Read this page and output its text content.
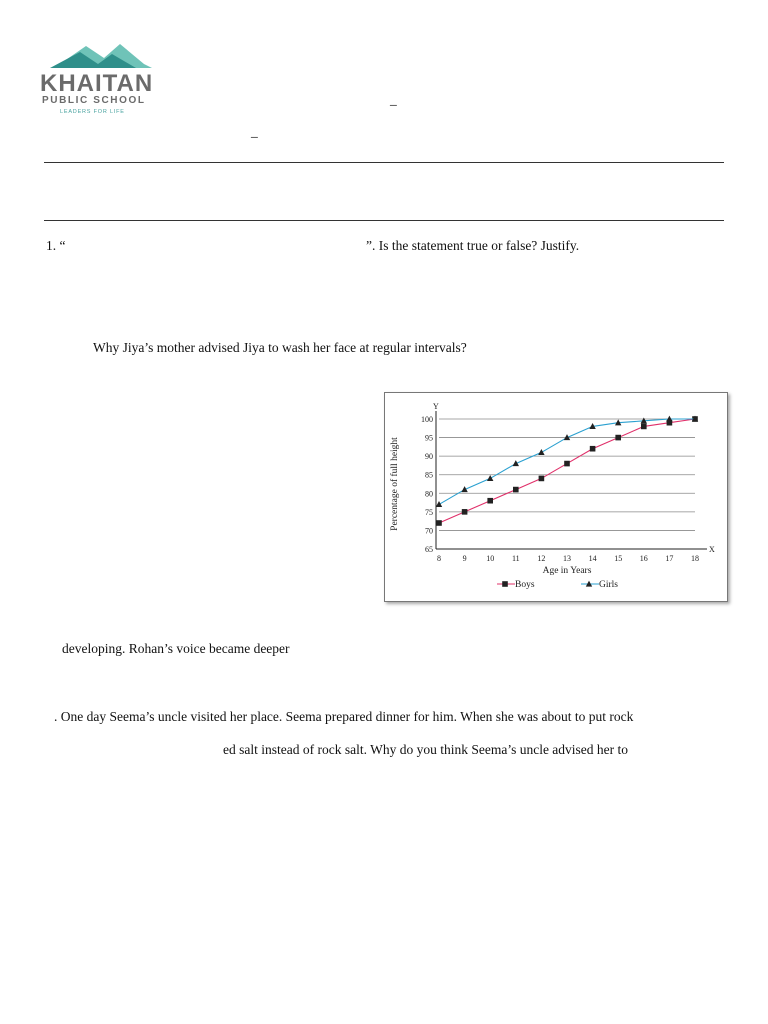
KHAITAN
PUBLIC SCHOOL
LEADERS FOR LIFE
_
_
1. “	”. Is the statement true or false? Justify.
Why Jiya’s mother advised Jiya to wash her face at regular intervals?
65
70
75
80
85
90
95
100
8	9 10 11 12 13 14 15 16 17 18
Boys	Girls
Age in Years
Percentage of full height
X
Y
developing. Rohan’s voice became deeper
. One day Seema’s uncle visited her place. Seema prepared dinner for him. When she was about to put rock
ed salt instead of rock salt. Why do you think Seema’s uncle advised her to
